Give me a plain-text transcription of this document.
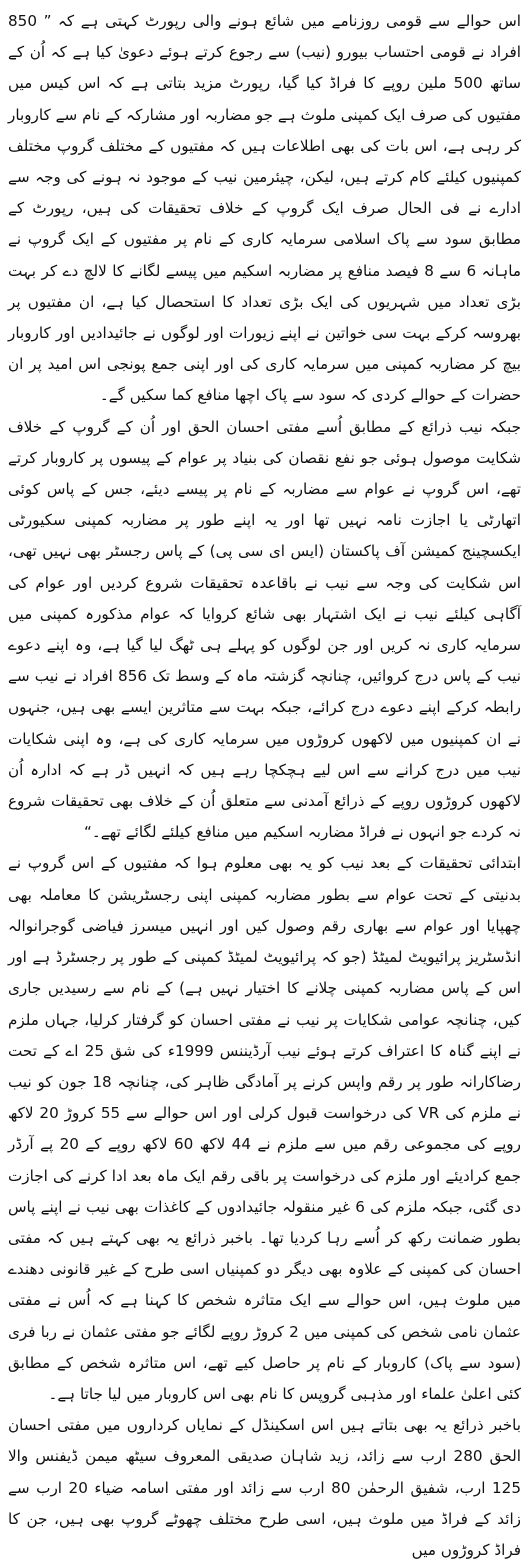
اس حوالے سے قومی روزنامے میں شائع ہونے والی رپورٹ کہتی ہے کہ ” 850 افراد نے قومی احتساب بیورو (نیب) سے رجوع کرتے ہوئے دعویٰ کیا ہے کہ اُن کے ساتھ 500 ملین روپے کا فراڈ کیا گیا، رپورٹ مزید بتاتی ہے کہ اس کیس میں مفتیوں کی صرف ایک کمپنی ملوث ہے جو مضاربہ اور مشارکہ کے نام سے کاروبار کر رہی ہے، اس بات کی بھی اطلاعات ہیں کہ مفتیوں کے مختلف گروپ مختلف کمپنیوں کیلئے کام کرتے ہیں، لیکن، چیئرمین نیب کے موجود نہ ہونے کی وجہ سے ادارے نے فی الحال صرف ایک گروپ کے خلاف تحقیقات کی ہیں، رپورٹ کے مطابق سود سے پاک اسلامی سرمایہ کاری کے نام پر مفتیوں کے ایک گروپ نے ماہانہ 6 سے 8 فیصد منافع پر مضاربہ اسکیم میں پیسے لگانے کا لالچ دے کر بہت بڑی تعداد میں شہریوں کی ایک بڑی تعداد کا استحصال کیا ہے، ان مفتیوں پر بھروسہ کرکے بہت سی خواتین نے اپنے زیورات اور لوگوں نے جائیدادیں اور کاروبار بیچ کر مضاربہ کمپنی میں سرمایہ کاری کی اور اپنی جمع پونجی اس امید پر ان حضرات کے حوالے کردی کہ سود سے پاک اچھا منافع کما سکیں گے۔

جبکہ نیب ذرائع کے مطابق اُسے مفتی احسان الحق اور اُن کے گروپ کے خلاف شکایت موصول ہوئی جو نفع نقصان کی بنیاد پر عوام کے پیسوں پر کاروبار کرتے تھے، اس گروپ نے عوام سے مضاربہ کے نام پر پیسے دیئے، جس کے پاس کوئی اتھارٹی یا اجازت نامہ نہیں تھا اور یہ اپنے طور پر مضاربہ کمپنی سکیورٹی ایکسچینج کمیشن آف پاکستان (ایس ای سی پی) کے پاس رجسٹر بھی نہیں تھی، اس شکایت کی وجہ سے نیب نے باقاعدہ تحقیقات شروع کردیں اور عوام کی آگاہی کیلئے نیب نے ایک اشتہار بھی شائع کروایا کہ عوام مذکورہ کمپنی میں سرمایہ کاری نہ کریں اور جن لوگوں کو پہلے ہی ٹھگ لیا گیا ہے، وہ اپنے دعوے نیب کے پاس درج کروائیں، چنانچہ گزشتہ ماہ کے وسط تک 856 افراد نے نیب سے رابطہ کرکے اپنے دعوے درج کرائے، جبکہ بہت سے متاثرین ایسے بھی ہیں، جنہوں نے ان کمپنیوں میں لاکھوں کروڑوں میں سرمایہ کاری کی ہے، وہ اپنی شکایات نیب میں درج کرانے سے اس لیے ہچکچا رہے ہیں کہ انہیں ڈر ہے کہ ادارہ اُن لاکھوں کروڑوں روپے کے ذرائع آمدنی سے متعلق اُن کے خلاف بھی تحقیقات شروع نہ کردے جو انہوں نے فراڈ مضاربہ اسکیم میں منافع کیلئے لگائے تھے۔“

ابتدائی تحقیقات کے بعد نیب کو یہ بھی معلوم ہوا کہ مفتیوں کے اس گروپ نے بدنیتی کے تحت عوام سے بطور مضاربہ کمپنی اپنی رجسٹریشن کا معاملہ بھی چھپایا اور عوام سے بھاری رقم وصول کیں اور انہیں میسرز فیاضی گوجرانوالہ انڈسٹریز پرائیویٹ لمیٹڈ (جو کہ پرائیویٹ لمیٹڈ کمپنی کے طور پر رجسٹرڈ ہے اور اس کے پاس مضاربہ کمپنی چلانے کا اختیار نہیں ہے) کے نام سے رسیدیں جاری کیں، چنانچہ عوامی شکایات پر نیب نے مفتی احسان کو گرفتار کرلیا، جہاں ملزم نے اپنے گناہ کا اعتراف کرتے ہوئے نیب آرڈیننس 1999ء کی شق 25 اے کے تحت رضاکارانہ طور پر رقم واپس کرنے پر آمادگی ظاہر کی، چنانچہ 18 جون کو نیب نے ملزم کی VR کی درخواست قبول کرلی اور اس حوالے سے 55 کروڑ 20 لاکھ روپے کی مجموعی رقم میں سے ملزم نے 44 لاکھ 60 لاکھ روپے کے 20 پے آرڈر جمع کرادیئے اور ملزم کی درخواست پر باقی رقم ایک ماہ بعد ادا کرنے کی اجازت دی گئی، جبکہ ملزم کی 6 غیر منقولہ جائیدادوں کے کاغذات بھی نیب نے اپنے پاس بطور ضمانت رکھ کر اُسے رہا کردیا تھا۔ باخبر ذرائع یہ بھی کہتے ہیں کہ مفتی احسان کی کمپنی کے علاوہ بھی دیگر دو کمپنیاں اسی طرح کے غیر قانونی دھندے میں ملوث ہیں، اس حوالے سے ایک متاثرہ شخص کا کہنا ہے کہ اُس نے مفتی عثمان نامی شخص کی کمپنی میں 2 کروڑ روپے لگائے جو مفتی عثمان نے ربا فری (سود سے پاک) کاروبار کے نام پر حاصل کیے تھے، اس متاثرہ شخص کے مطابق کئی اعلیٰ علماء اور مذہبی گروپس کا نام بھی اس کاروبار میں لیا جاتا ہے۔

باخبر ذرائع یہ بھی بتاتے ہیں اس اسکینڈل کے نمایاں کرداروں میں مفتی احسان الحق 280 ارب سے زائد، زید شاہان صدیقی المعروف سیٹھ میمن ڈیفنس والا 125 ارب، شفیق الرحمٰن 80 ارب سے زائد اور مفتی اسامہ ضیاء 20 ارب سے زائد کے فراڈ میں ملوث ہیں، اسی طرح مختلف چھوٹے گروپ بھی ہیں، جن کا فراڈ کروڑوں میں
